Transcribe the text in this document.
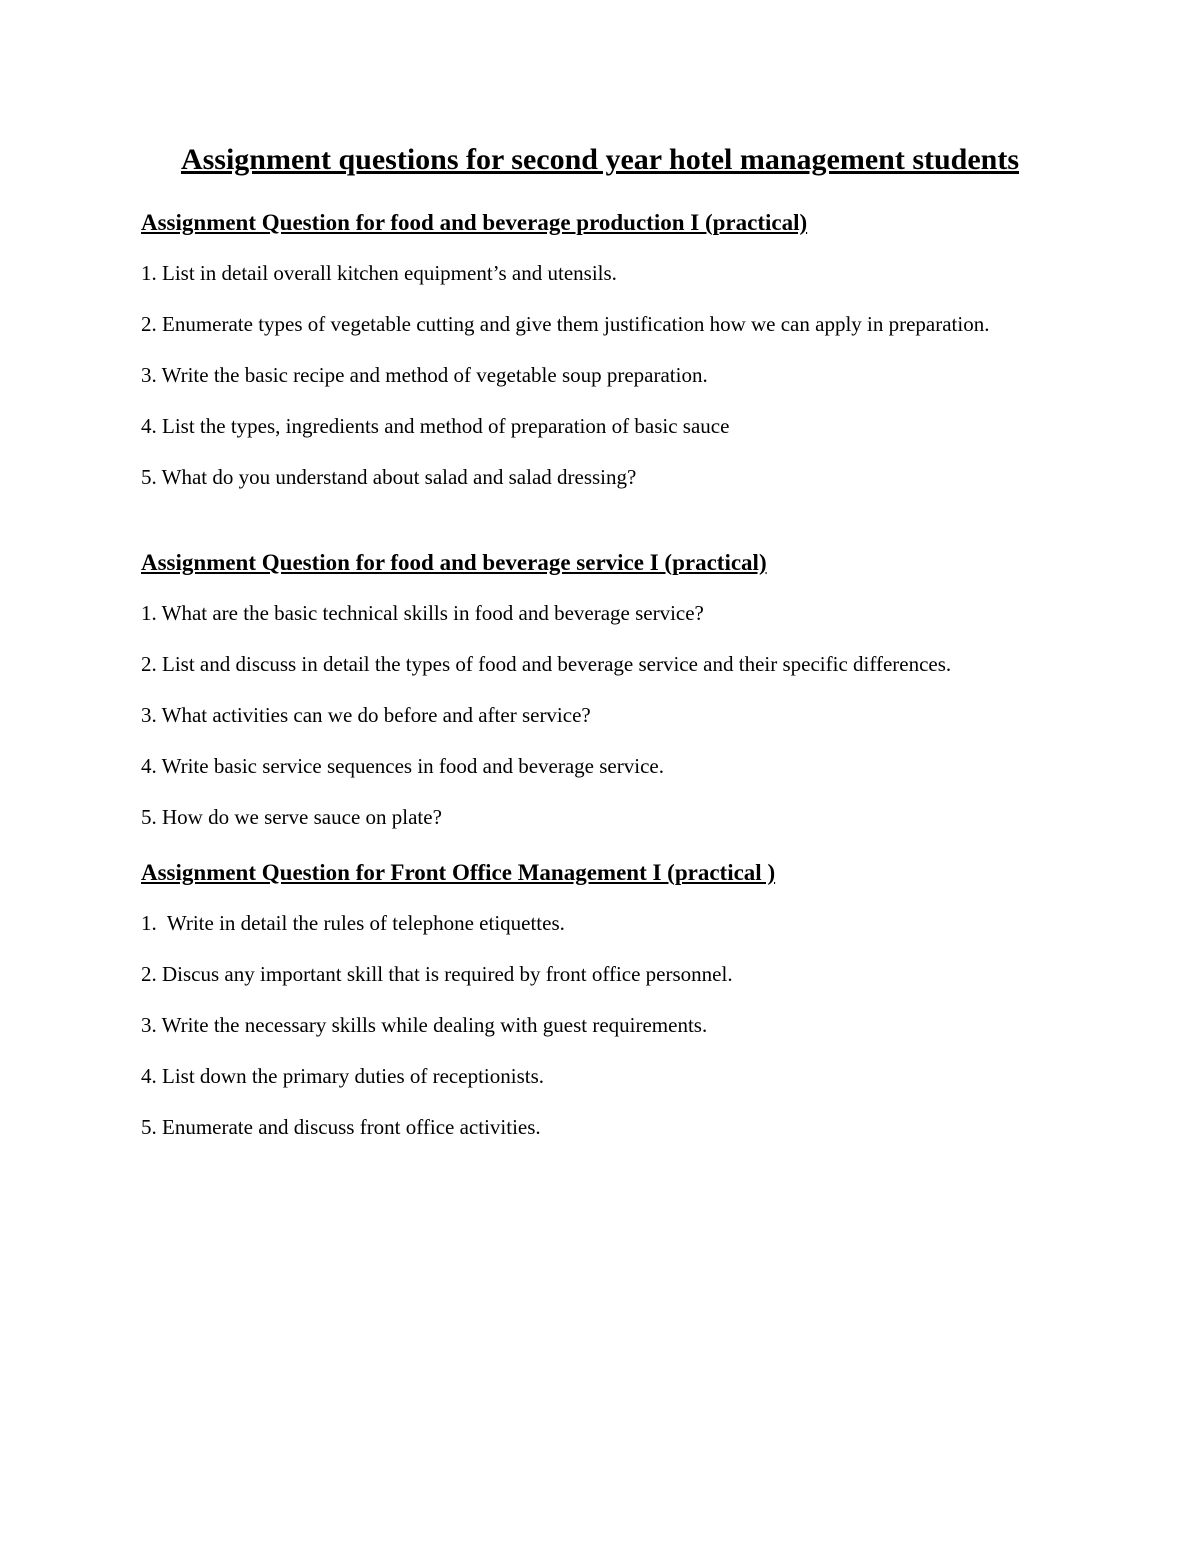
Assignment questions for second year hotel management students
Assignment Question for food and beverage production I (practical)
1. List in detail overall kitchen equipment’s and utensils.
2. Enumerate types of vegetable cutting and give them justification how we can apply in preparation.
3. Write the basic recipe and method of vegetable soup preparation.
4. List the types, ingredients and method of preparation of basic sauce
5. What do you understand about salad and salad dressing?
Assignment Question for food and beverage service I (practical)
1. What are the basic technical skills in food and beverage service?
2. List and discuss in detail the types of food and beverage service and their specific differences.
3. What activities can we do before and after service?
4. Write basic service sequences in food and beverage service.
5. How do we serve sauce on plate?
Assignment Question for Front Office Management I (practical )
1.  Write in detail the rules of telephone etiquettes.
2. Discus any important skill that is required by front office personnel.
3. Write the necessary skills while dealing with guest requirements.
4. List down the primary duties of receptionists.
5. Enumerate and discuss front office activities.
